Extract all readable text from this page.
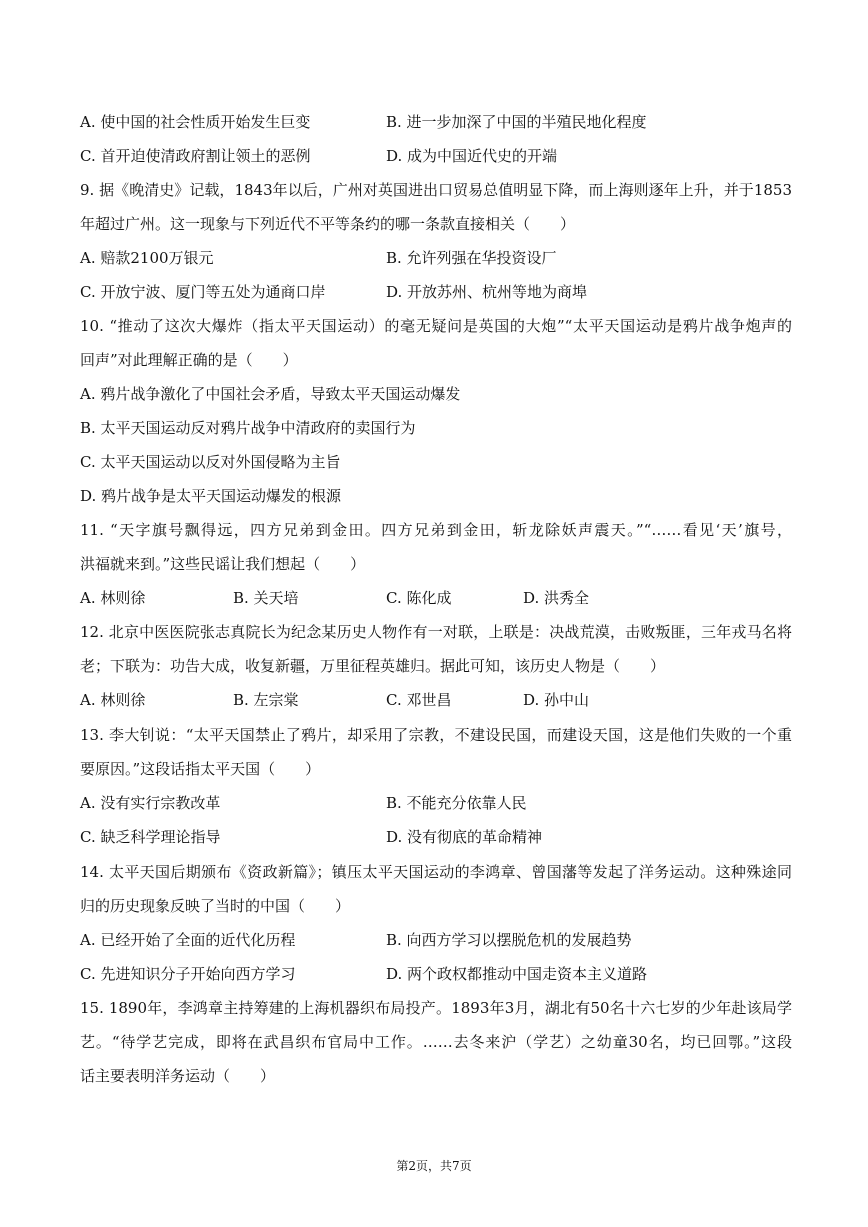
A. 使中国的社会性质开始发生巨变	B. 进一步加深了中国的半殖民地化程度
C. 首开迫使清政府割让领土的恶例	D. 成为中国近代史的开端
9. 据《晚清史》记载，1843年以后，广州对英国进出口贸易总值明显下降，而上海则逐年上升，并于1853
年超过广州。这一现象与下列近代不平等条约的哪一条款直接相关（　　）
A. 赔款2100万银元	B. 允许列强在华投资设厂
C. 开放宁波、厦门等五处为通商口岸	D. 开放苏州、杭州等地为商埠
10. “推动了这次大爆炸（指太平天国运动）的毫无疑问是英国的大炮”“太平天国运动是鸦片战争炮声的
回声”对此理解正确的是（　　）
A. 鸦片战争激化了中国社会矛盾，导致太平天国运动爆发
B. 太平天国运动反对鸦片战争中清政府的卖国行为
C. 太平天国运动以反对外国侵略为主旨
D. 鸦片战争是太平天国运动爆发的根源
11. “天字旗号飘得远，四方兄弟到金田。四方兄弟到金田，斩龙除妖声震天。”“……看见‘天’旗号，
洪福就来到。”这些民谣让我们想起（　　）
A. 林则徐	B. 关天培	C. 陈化成	D. 洪秀全
12. 北京中医医院张志真院长为纪念某历史人物作有一对联，上联是：决战荒漠，击败叛匪，三年戎马名将
老；下联为：功告大成，收复新疆，万里征程英雄归。据此可知，该历史人物是（　　）
A. 林则徐	B. 左宗棠	C. 邓世昌	D. 孙中山
13. 李大钊说：“太平天国禁止了鸦片，却采用了宗教，不建设民国，而建设天国，这是他们失败的一个重
要原因。”这段话指太平天国（　　）
A. 没有实行宗教改革	B. 不能充分依靠人民
C. 缺乏科学理论指导	D. 没有彻底的革命精神
14. 太平天国后期颁布《资政新篇》；镇压太平天国运动的李鸿章、曾国藩等发起了洋务运动。这种殊途同
归的历史现象反映了当时的中国（　　）
A. 已经开始了全面的近代化历程	B. 向西方学习以摆脱危机的发展趋势
C. 先进知识分子开始向西方学习	D. 两个政权都推动中国走资本主义道路
15. 1890年，李鸿章主持筹建的上海机器织布局投产。1893年3月，湖北有50名十六七岁的少年赴该局学
艺。“待学艺完成，即将在武昌织布官局中工作。……去冬来沪（学艺）之幼童30名，均已回鄂。”这段
话主要表明洋务运动（　　）
第2页，共7页
